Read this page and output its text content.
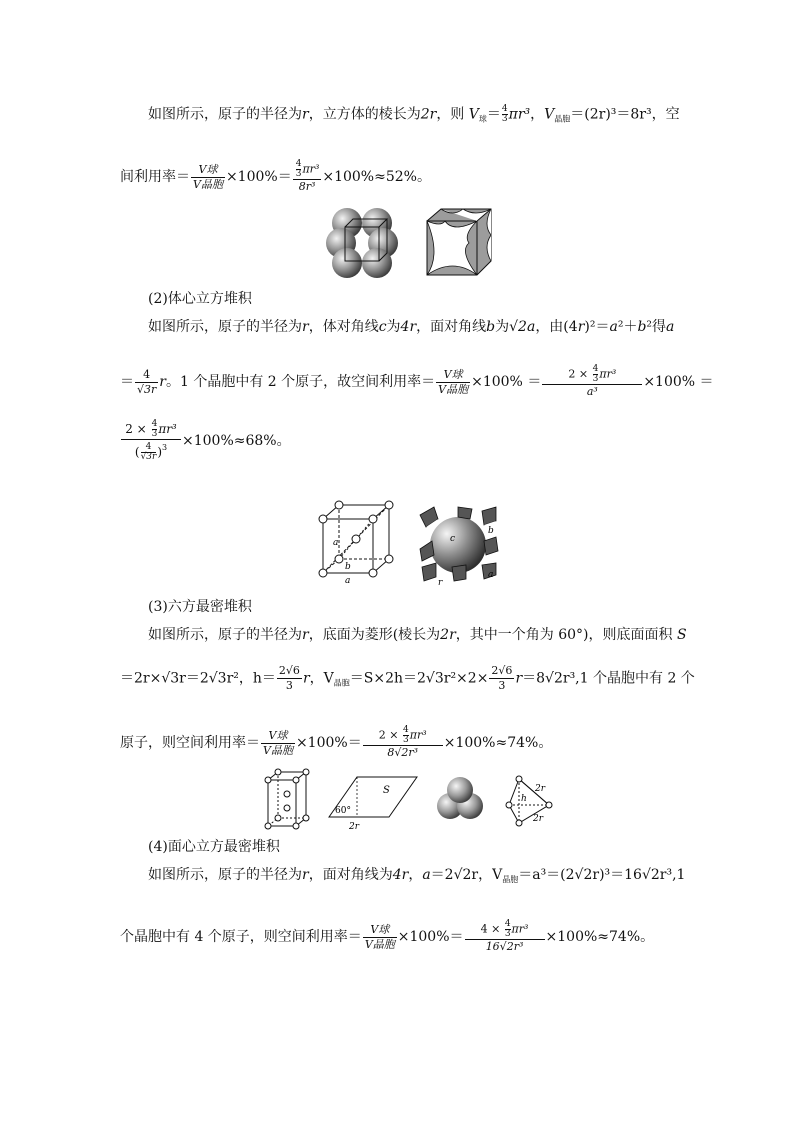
如图所示，原子的半径为r，立方体的棱长为2r，则 $V_球= \frac{4}{3}\pi r^3$，$V_{晶胞}=(2r)^3=8r^3$，空
间利用率＝ $\frac{\text{V球}}{\text{V晶胞}} \times 100\%= \frac{\frac{4}{3}\pi r^3}{\text{8r³}} \times 100\%\approx 52\%$。
(2)体心立方堆积
如图所示，原子的半径为r，体对角线c为4r，面对角线b为√2a，由(4r)²＝a²＋b²得a
＝ $\frac{4}{√3r}$ r。1 个晶胞中有 2 个原子，故空间利用率＝ $\frac{\text{V球}}{\text{V晶胞}} \times 100\% = \frac{2 \times \frac{4}{3}\pi r^3}{\text{a³}} \times 100\%$ ＝
$\frac{2 \times \frac{4}{3}\pi r^3}{( \frac{4}{√3r})^3} \times 100\%\approx 68\%$。
a
b
a
c
b
r
a
(3)六方最密堆积
如图所示，原子的半径为r，底面为菱形(棱长为2r，其中一个角为 60°)，则底面面积 S
＝2r×√3r＝2√3r²，$h= \frac{2√6}{3}$ r，$V_{晶胞}=S\times 2h=2√3r^2\times 2\times \frac{2√6}{3} r=8√2r^3,1$ 个晶胞中有 2 个
原子，则空间利用率＝ $\frac{\text{V球}}{\text{V晶胞}} \times 100\%= \frac{2 \times \frac{4}{3}\pi r^3}{\text{8√2r³}} \times 100\%\approx 74\%$。
60°
S
2r
h
2r
2r
(4)面心立方最密堆积
如图所示，原子的半径为r，面对角线为4r，a＝2√2r，$V_{晶胞}=a^3=(2√2r)^3=16√2r^3,1$
个晶胞中有 4 个原子，则空间利用率＝ $\frac{\text{V球}}{\text{V晶胞}} \times 100\%= \frac{4 \times \frac{4}{3}\pi r^3}{\text{16√2r³}} \times 100\%\approx 74\%$。
